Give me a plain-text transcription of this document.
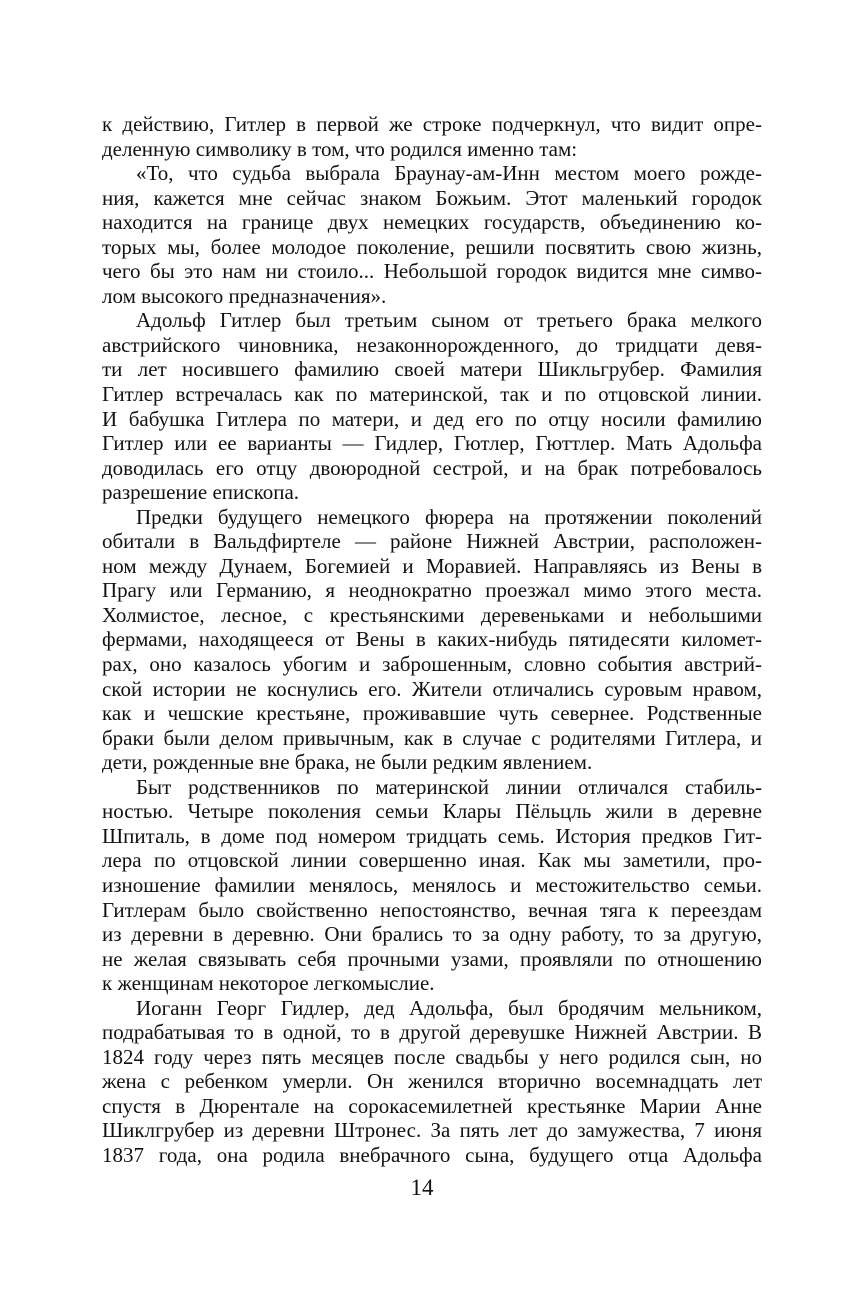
к действию, Гитлер в первой же строке подчеркнул, что видит опре-
деленную символику в том, что родился именно там:
«То, что судьба выбрала Браунау-ам-Инн местом моего рожде-
ния, кажется мне сейчас знаком Божьим. Этот маленький городок
находится на границе двух немецких государств, объединению ко-
торых мы, более молодое поколение, решили посвятить свою жизнь,
чего бы это нам ни стоило... Небольшой городок видится мне симво-
лом высокого предназначения».
Адольф Гитлер был третьим сыном от третьего брака мелкого
австрийского чиновника, незаконнорожденного, до тридцати девя-
ти лет носившего фамилию своей матери Шикльгрубер. Фамилия
Гитлер встречалась как по материнской, так и по отцовской линии.
И бабушка Гитлера по матери, и дед его по отцу носили фамилию
Гитлер или ее варианты — Гидлер, Гютлер, Гюттлер. Мать Адольфа
доводилась его отцу двоюродной сестрой, и на брак потребовалось
разрешение епископа.
Предки будущего немецкого фюрера на протяжении поколений
обитали в Вальдфиртеле — районе Нижней Австрии, расположен-
ном между Дунаем, Богемией и Моравией. Направляясь из Вены в
Прагу или Германию, я неоднократно проезжал мимо этого места.
Холмистое, лесное, с крестьянскими деревеньками и небольшими
фермами, находящееся от Вены в каких-нибудь пятидесяти километ-
рах, оно казалось убогим и заброшенным, словно события австрий-
ской истории не коснулись его. Жители отличались суровым нравом,
как и чешские крестьяне, проживавшие чуть севернее. Родственные
браки были делом привычным, как в случае с родителями Гитлера, и
дети, рожденные вне брака, не были редким явлением.
Быт родственников по материнской линии отличался стабиль-
ностью. Четыре поколения семьи Клары Пёльцль жили в деревне
Шпиталь, в доме под номером тридцать семь. История предков Гит-
лера по отцовской линии совершенно иная. Как мы заметили, про-
изношение фамилии менялось, менялось и местожительство семьи.
Гитлерам было свойственно непостоянство, вечная тяга к переездам
из деревни в деревню. Они брались то за одну работу, то за другую,
не желая связывать себя прочными узами, проявляли по отношению
к женщинам некоторое легкомыслие.
Иоганн Георг Гидлер, дед Адольфа, был бродячим мельником,
подрабатывая то в одной, то в другой деревушке Нижней Австрии. В
1824 году через пять месяцев после свадьбы у него родился сын, но
жена с ребенком умерли. Он женился вторично восемнадцать лет
спустя в Дюрентале на сорокасемилетней крестьянке Марии Анне
Шиклгрубер из деревни Штронес. За пять лет до замужества, 7 июня
1837 года, она родила внебрачного сына, будущего отца Адольфа
14
